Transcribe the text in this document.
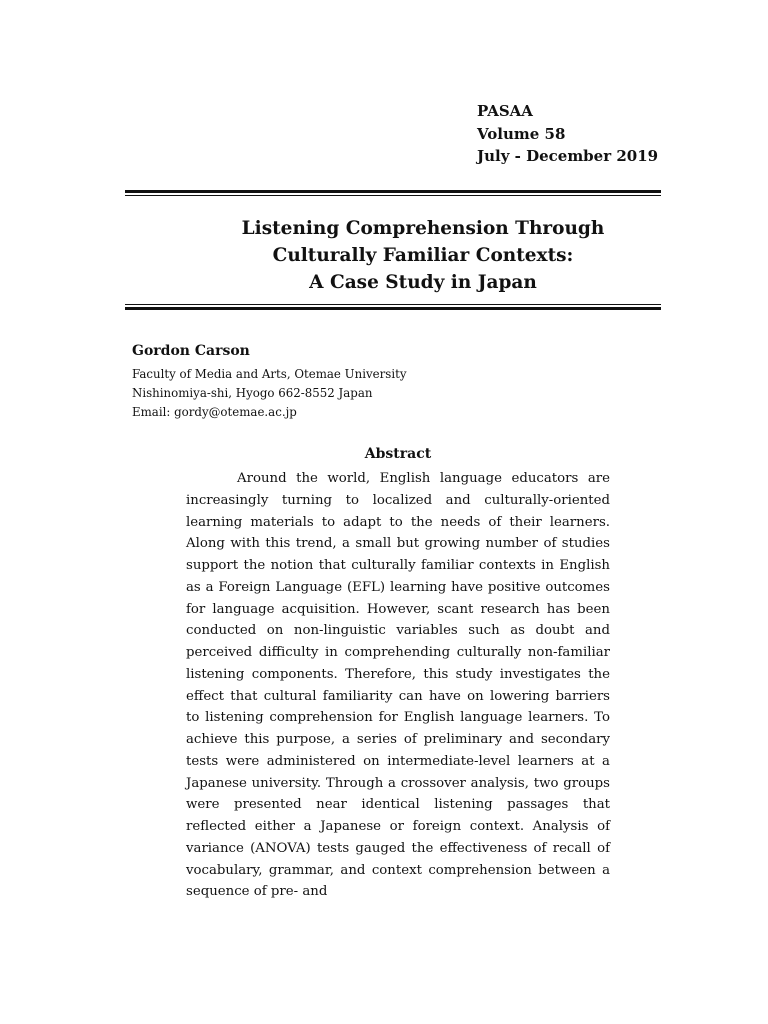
PASAA
Volume 58
July - December 2019
Listening Comprehension Through
Culturally Familiar Contexts:
A Case Study in Japan
Gordon Carson
Faculty of Media and Arts, Otemae University
Nishinomiya-shi, Hyogo 662-8552 Japan
Email: gordy@otemae.ac.jp
Abstract

Around the world, English language educators are increasingly turning to localized and culturally-oriented learning materials to adapt to the needs of their learners. Along with this trend, a small but growing number of studies support the notion that culturally familiar contexts in English as a Foreign Language (EFL) learning have positive outcomes for language acquisition. However, scant research has been conducted on non-linguistic variables such as doubt and perceived difficulty in comprehending culturally non-familiar listening components. Therefore, this study investigates the effect that cultural familiarity can have on lowering barriers to listening comprehension for English language learners. To achieve this purpose, a series of preliminary and secondary tests were administered on intermediate-level learners at a Japanese university. Through a crossover analysis, two groups were presented near identical listening passages that reflected either a Japanese or foreign context. Analysis of variance (ANOVA) tests gauged the effectiveness of recall of vocabulary, grammar, and context comprehension between a sequence of pre- and
